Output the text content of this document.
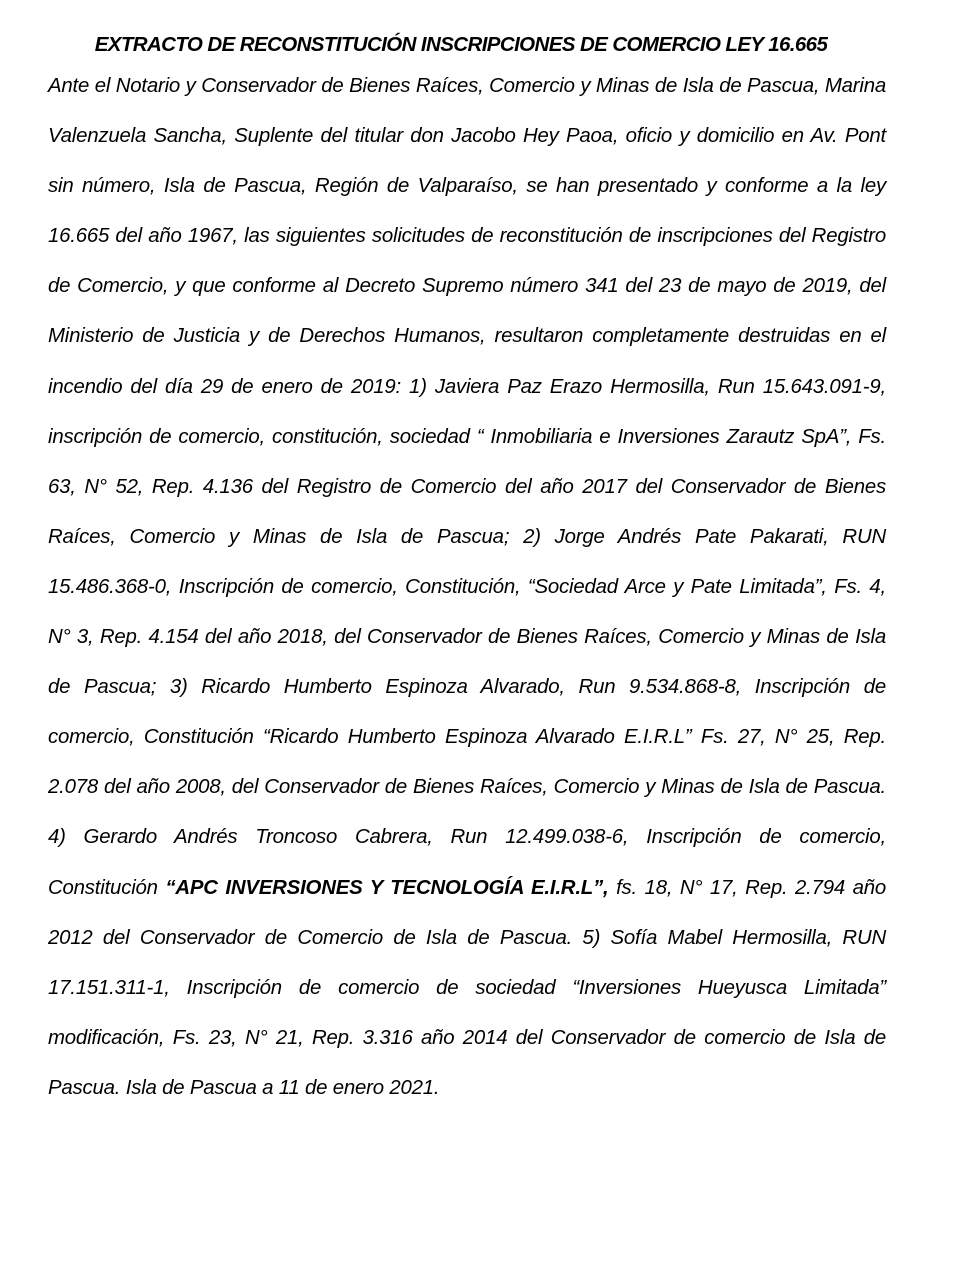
EXTRACTO DE RECONSTITUCIÓN INSCRIPCIONES DE COMERCIO LEY 16.665

Ante el Notario y Conservador de Bienes Raíces, Comercio y Minas de Isla de Pascua, Marina Valenzuela Sancha, Suplente del titular don Jacobo Hey Paoa, oficio y domicilio en Av. Pont sin número, Isla de Pascua, Región de Valparaíso, se han presentado y conforme a la ley 16.665 del año 1967, las siguientes solicitudes de reconstitución de inscripciones del Registro de Comercio, y que conforme al Decreto Supremo número 341 del 23 de mayo de 2019, del Ministerio de Justicia y de Derechos Humanos, resultaron completamente destruidas en el incendio del día 29 de enero de 2019: 1) Javiera Paz Erazo Hermosilla, Run 15.643.091-9, inscripción de comercio, constitución, sociedad “ Inmobiliaria e Inversiones Zarautz SpA”, Fs. 63, N° 52, Rep. 4.136 del Registro de Comercio del año 2017 del Conservador de Bienes Raíces, Comercio y Minas de Isla de Pascua; 2) Jorge Andrés Pate Pakarati, RUN 15.486.368-0, Inscripción de comercio, Constitución, “Sociedad Arce y Pate Limitada”, Fs. 4, N° 3, Rep. 4.154 del año 2018, del Conservador de Bienes Raíces, Comercio y Minas de Isla de Pascua; 3) Ricardo Humberto Espinoza Alvarado, Run 9.534.868-8, Inscripción de comercio, Constitución “Ricardo Humberto Espinoza Alvarado E.I.R.L” Fs. 27, N° 25, Rep. 2.078 del año 2008, del Conservador de Bienes Raíces, Comercio y Minas de Isla de Pascua. 4) Gerardo Andrés Troncoso Cabrera, Run 12.499.038-6, Inscripción de comercio, Constitución “APC INVERSIONES Y TECNOLOGÍA E.I.R.L”, fs. 18, N° 17, Rep. 2.794 año 2012 del Conservador de Comercio de Isla de Pascua. 5) Sofía Mabel Hermosilla, RUN 17.151.311-1, Inscripción de comercio de sociedad “Inversiones Hueyusca Limitada” modificación, Fs. 23, N° 21, Rep. 3.316 año 2014 del Conservador de comercio de Isla de Pascua. Isla de Pascua a 11 de enero 2021.
